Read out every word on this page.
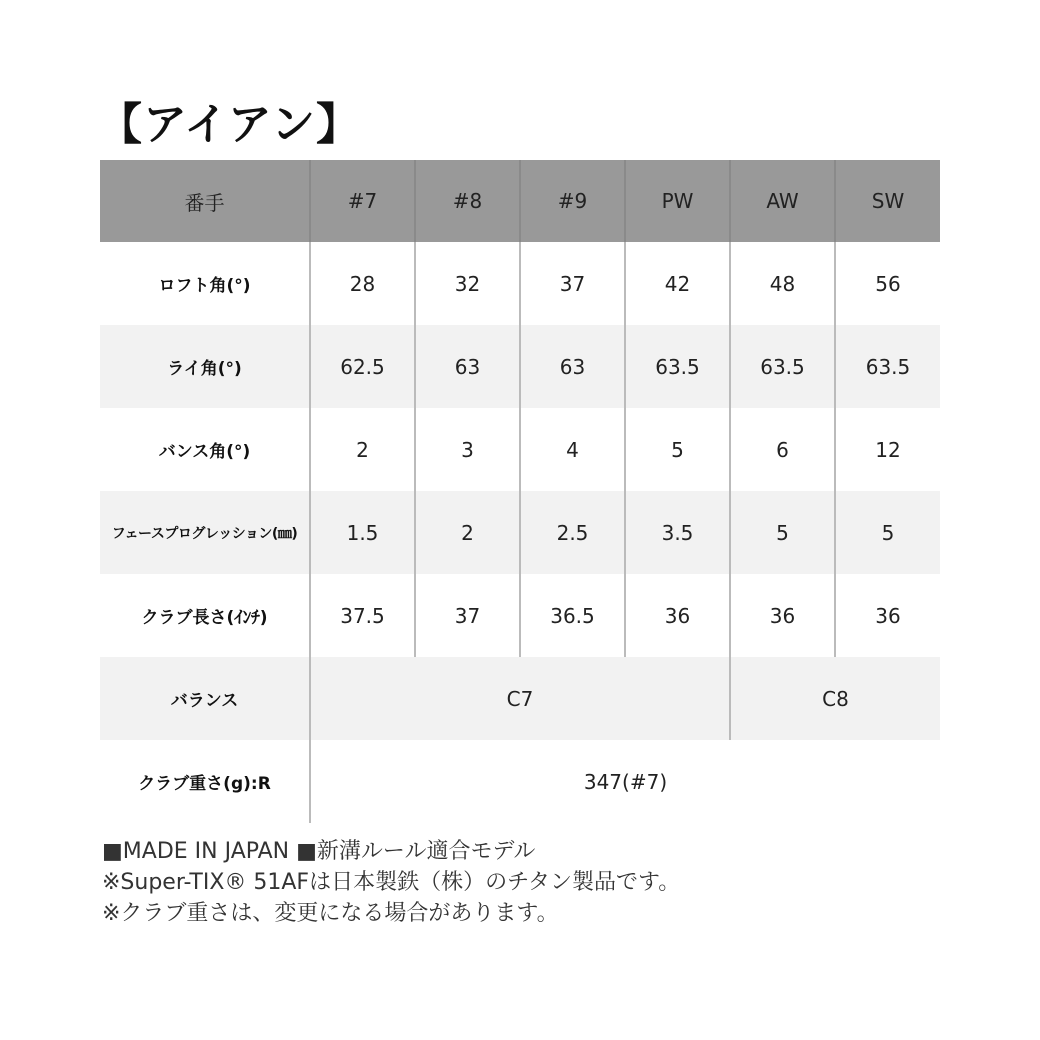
【アイアン】
番手	#7	#8	#9	PW	AW	SW
ロフト角(°)	28	32	37	42	48	56
ライ角(°)	62.5	63	63	63.5	63.5	63.5
バンス角(°)	2	3	4	5	6	12
フェースプログレッション(㎜)	1.5	2	2.5	3.5	5	5
クラブ長さ(ｲﾝﾁ)	37.5	37	36.5	36	36	36
バランス	C7				C8	
クラブ重さ(g):R	347(#7)					
■MADE IN JAPAN ■新溝ルール適合モデル
※Super-TIX® 51AFは日本製鉄（株）のチタン製品です。
※クラブ重さは、変更になる場合があります。
